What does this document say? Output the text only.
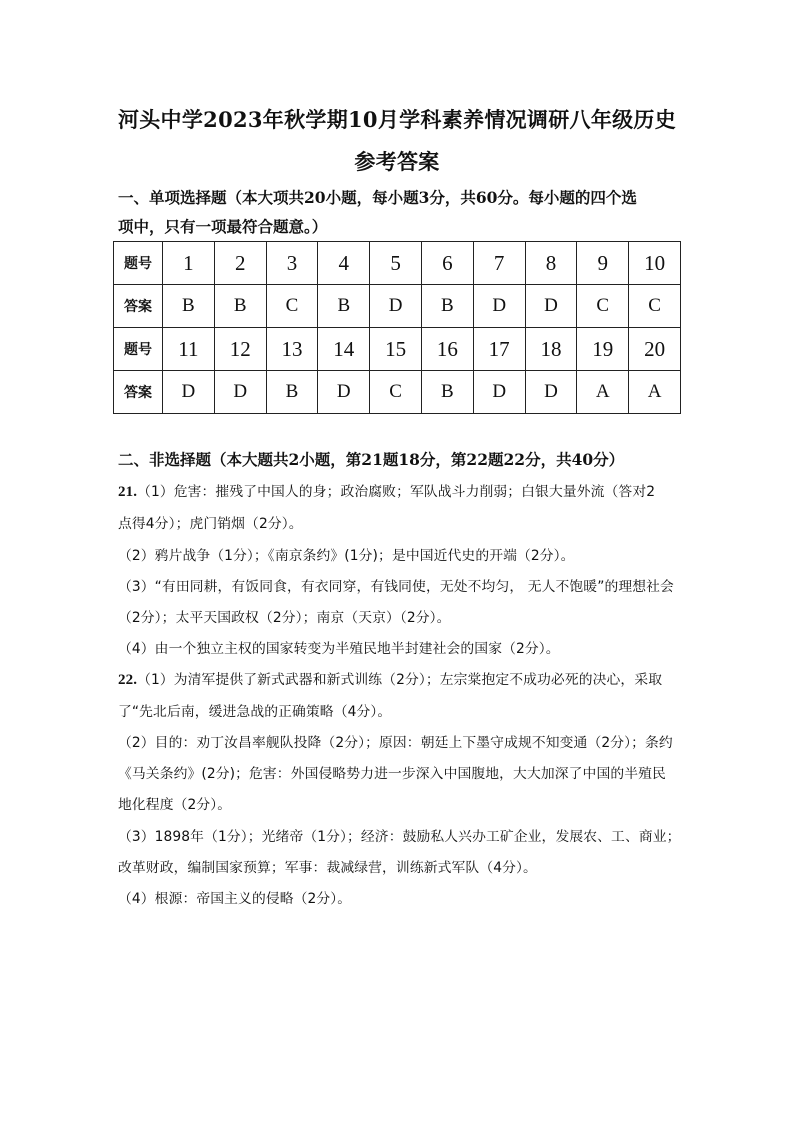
河头中学2023年秋学期10月学科素养情况调研八年级历史
参考答案
一、单项选择题（本大项共20小题，每小题3分，共60分。每小题的四个选
项中，只有一项最符合题意。）
题号	1	2	3	4	5	6	7	8	9	10
答案	B	B	C	B	D	B	D	D	C	C
题号	11	12	13	14	15	16	17	18	19	20
答案	D	D	B	D	C	B	D	D	A	A
二、非选择题（本大题共2小题，第21题18分，第22题22分，共40分）
21.（1）危害：摧残了中国人的身；政治腐败；军队战斗力削弱；白银大量外流（答对2
点得4分）；虎门销烟（2分）。
（2）鸦片战争（1分）；《南京条约》(1分)；是中国近代史的开端（2分）。
（3）“有田同耕，有饭同食，有衣同穿，有钱同使，无处不均匀， 无人不饱暖”的理想社会
（2分）；太平天国政权（2分）；南京（天京）（2分）。
（4）由一个独立主权的国家转变为半殖民地半封建社会的国家（2分）。
22.（1）为清军提供了新式武器和新式训练（2分）；左宗棠抱定不成功必死的决心，采取
了“先北后南，缓进急战的正确策略（4分）。
（2）目的：劝丁汝昌率舰队投降（2分）；原因：朝廷上下墨守成规不知变通（2分）；条约
《马关条约》(2分)；危害：外国侵略势力进一步深入中国腹地，大大加深了中国的半殖民
地化程度（2分）。
（3）1898年（1分）；光绪帝（1分）；经济：鼓励私人兴办工矿企业，发展农、工、商业；
改革财政，编制国家预算；军事：裁减绿营，训练新式军队（4分）。
（4）根源：帝国主义的侵略（2分）。
